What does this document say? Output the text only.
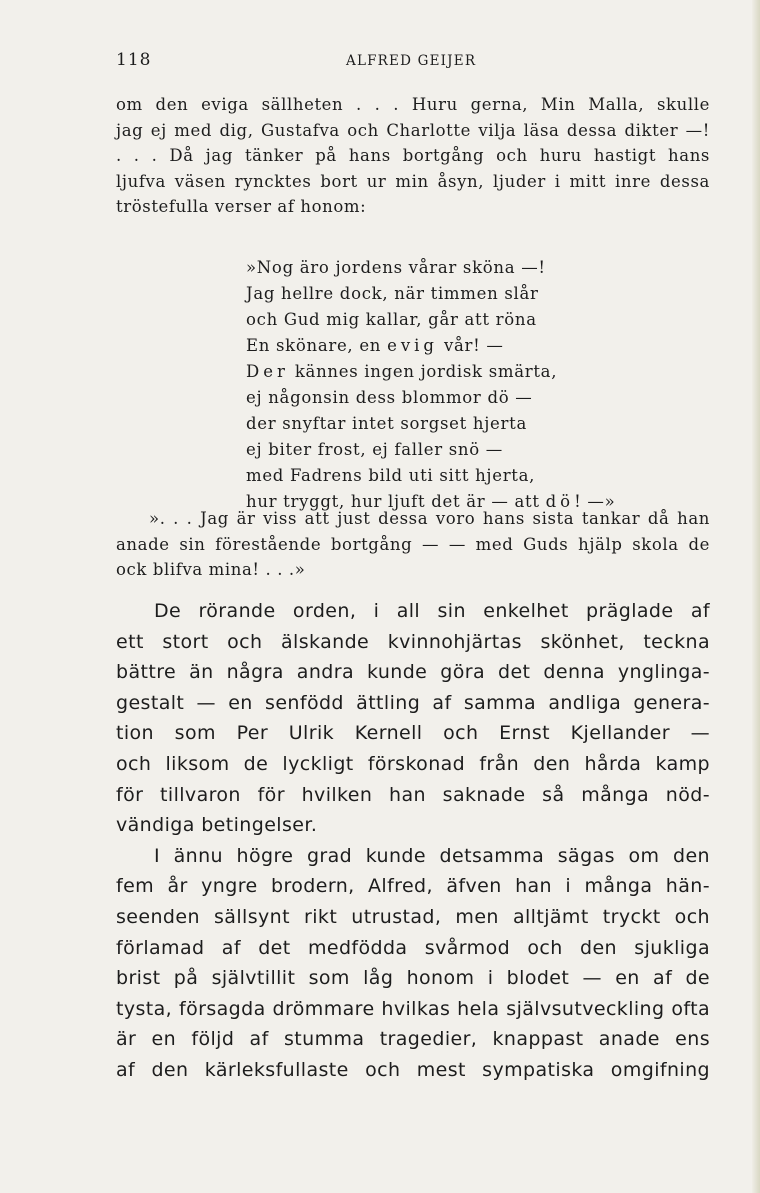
118	ALFRED GEIJER
om den eviga sällheten . . . Huru gerna, Min Malla, skulle
jag ej med dig, Gustafva och Charlotte vilja läsa dessa dikter —!
. . . Då jag tänker på hans bortgång och huru hastigt hans
ljufva väsen ryncktes bort ur min åsyn, ljuder i mitt inre dessa
tröstefulla verser af honom:
»Nog äro jordens vårar sköna —!
Jag hellre dock, när timmen slår
och Gud mig kallar, går att röna
En skönare, en evig vår! —
Der kännes ingen jordisk smärta,
ej någonsin dess blommor dö —
der snyftar intet sorgset hjerta
ej biter frost, ej faller snö —
med Fadrens bild uti sitt hjerta,
hur tryggt, hur ljuft det är — att dö! —»
». . . Jag är viss att just dessa voro hans sista tankar då han
anade sin förestående bortgång — — med Guds hjälp skola de
ock blifva mina! . . .»
De rörande orden, i all sin enkelhet präglade af
ett stort och älskande kvinnohjärtas skönhet, teckna
bättre än några andra kunde göra det denna ynglinga-
gestalt — en senfödd ättling af samma andliga genera-
tion som Per Ulrik Kernell och Ernst Kjellander —
och liksom de lyckligt förskonad från den hårda kamp
för tillvaron för hvilken han saknade så många nöd-
vändiga betingelser.
I ännu högre grad kunde detsamma sägas om den
fem år yngre brodern, Alfred, äfven han i många hän-
seenden sällsynt rikt utrustad, men alltjämt tryckt och
förlamad af det medfödda svårmod och den sjukliga
brist på självtillit som låg honom i blodet — en af de
tysta, försagda drömmare hvilkas hela självsutveckling ofta
är en följd af stumma tragedier, knappast anade ens
af den kärleksfullaste och mest sympatiska omgifning
